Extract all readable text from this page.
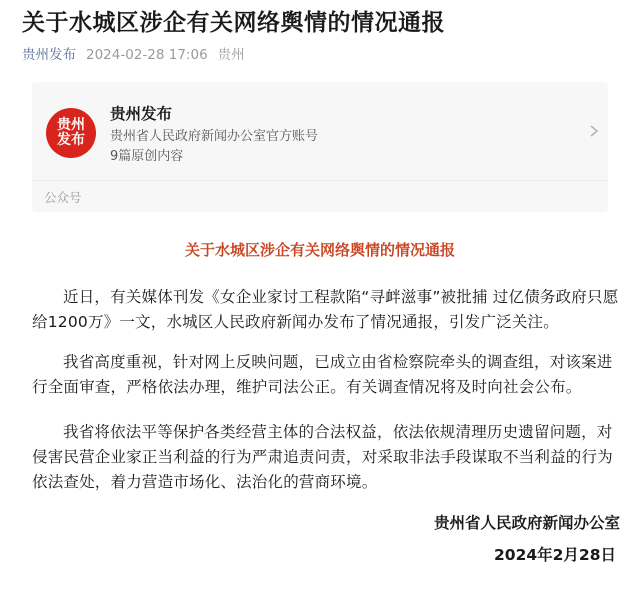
关于水城区涉企有关网络舆情的情况通报
贵州发布 2024-02-28 17:06 贵州
贵州发布
贵州发布
贵州省人民政府新闻办公室官方账号
9篇原创内容
公众号
关于水城区涉企有关网络舆情的情况通报
近日，有关媒体刊发《女企业家讨工程款陷“寻衅滋事”被批捕 过亿债务政府只愿给1200万》一文，水城区人民政府新闻办发布了情况通报，引发广泛关注。
我省高度重视，针对网上反映问题，已成立由省检察院牵头的调查组，对该案进行全面审查，严格依法办理，维护司法公正。有关调查情况将及时向社会公布。
我省将依法平等保护各类经营主体的合法权益，依法依规清理历史遗留问题，对侵害民营企业家正当利益的行为严肃追责问责，对采取非法手段谋取不当利益的行为依法查处，着力营造市场化、法治化的营商环境。
贵州省人民政府新闻办公室
2024年2月28日
